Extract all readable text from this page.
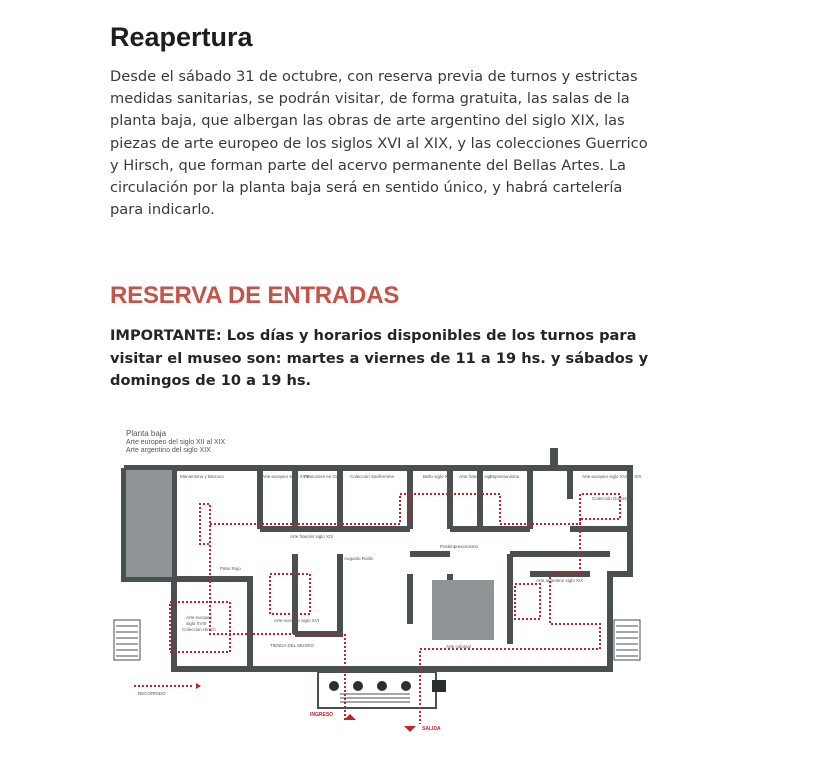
Reapertura

Desde el sábado 31 de octubre, con reserva previa de turnos y estrictas medidas sanitarias, se podrán visitar, de forma gratuita, las salas de la planta baja, que albergan las obras de arte argentino del siglo XIX, las piezas de arte europeo de los siglos XVI al XIX, y las colecciones Guerrico y Hirsch, que forman parte del acervo permanente del Bellas Artes. La circulación por la planta baja será en sentido único, y habrá cartelería para indicarlo.

RESERVA DE ENTRADAS

IMPORTANTE: Los días y horarios disponibles de los turnos para visitar el museo son: martes a viernes de 11 a 19 hs. y sábados y domingos de 10 a 19 hs.

Planta baja
Arte europeo del siglo XII al XIX
Arte argentino del siglo XIX
Manierismo y Barroco	Arte europeo siglo XVIII
Franceses en Goya Colección Sanfermine	Bello siglo XIX Arte francés siglo
Impresionismo	Arte europeo siglo XVII al XIX
Colección Guerrico
Arte francés siglo XIX
Augusto Rodin
Postimpresionismo
Patio Rojo
Arte europeo
siglo XVIII
Colección Hirsch
Arte europeo siglo XVI
Arte argentino siglo XIX
TIENDA DEL MUSEO	Arte colonial
RECORRIDO
INGRESO
SALIDA
